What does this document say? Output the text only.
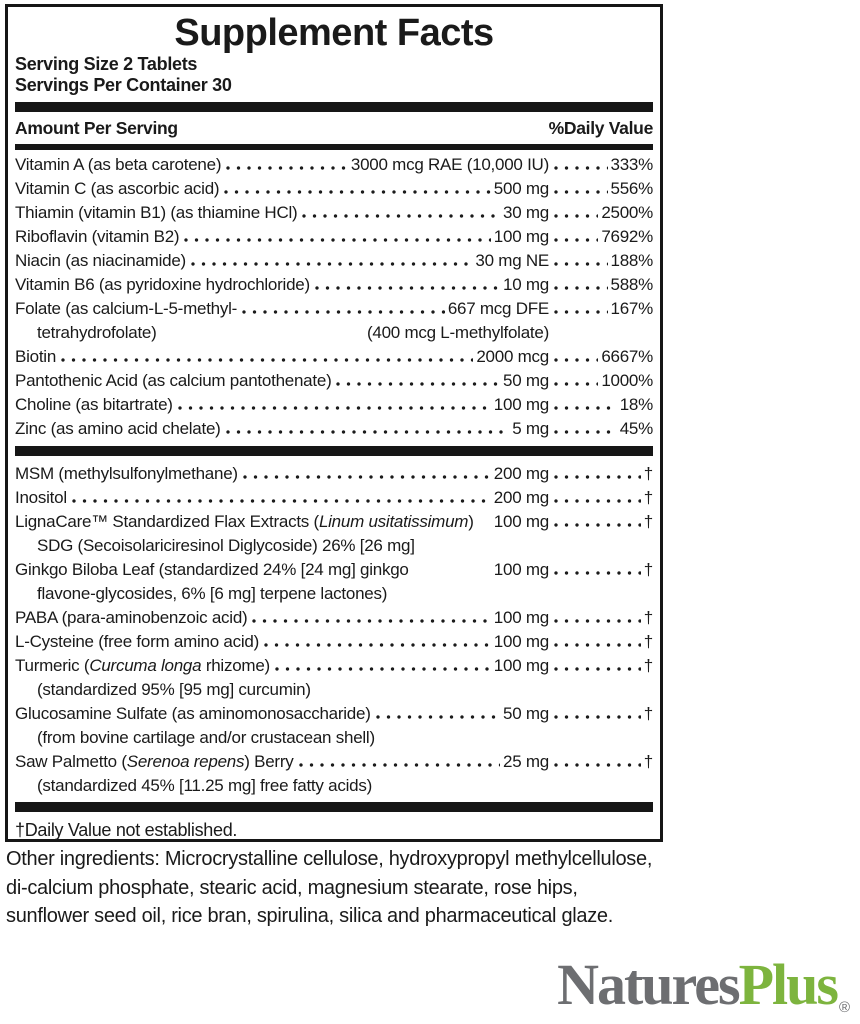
Supplement Facts
Serving Size 2 Tablets
Servings Per Container 30
Amount Per Serving	%Daily Value
Vitamin A (as beta carotene)	3000 mcg RAE (10,000 IU)	333%
Vitamin C (as ascorbic acid)	500 mg	556%
Thiamin (vitamin B1) (as thiamine HCl)	30 mg	2500%
Riboflavin (vitamin B2)	100 mg	7692%
Niacin (as niacinamide)	30 mg NE	188%
Vitamin B6 (as pyridoxine hydrochloride)	10 mg	588%
Folate (as calcium-L-5-methyl-	667 mcg DFE	167%
tetrahydrofolate)	(400 mcg L-methylfolate)
Biotin	2000 mcg	6667%
Pantothenic Acid (as calcium pantothenate)	50 mg	1000%
Choline (as bitartrate)	100 mg	18%
Zinc (as amino acid chelate)	5 mg	45%
MSM (methylsulfonylmethane)	200 mg	†
Inositol	200 mg	†
LignaCare™ Standardized Flax Extracts (Linum usitatissimum) 100 mg	†
SDG (Secoisolariciresinol Diglycoside) 26% [26 mg]
Ginkgo Biloba Leaf (standardized 24% [24 mg] ginkgo	100 mg	†
flavone-glycosides, 6% [6 mg] terpene lactones)
PABA (para-aminobenzoic acid)	100 mg	†
L-Cysteine (free form amino acid)	100 mg	†
Turmeric (Curcuma longa rhizome)	100 mg	†
(standardized 95% [95 mg] curcumin)
Glucosamine Sulfate (as aminomonosaccharide)	50 mg	†
(from bovine cartilage and/or crustacean shell)
Saw Palmetto (Serenoa repens) Berry	25 mg	†
(standardized 45% [11.25 mg] free fatty acids)
†Daily Value not established.
Other ingredients: Microcrystalline cellulose, hydroxypropyl methylcellulose,
di-calcium phosphate, stearic acid, magnesium stearate, rose hips,
sunflower seed oil, rice bran, spirulina, silica and pharmaceutical glaze.
NaturesPlus ®
